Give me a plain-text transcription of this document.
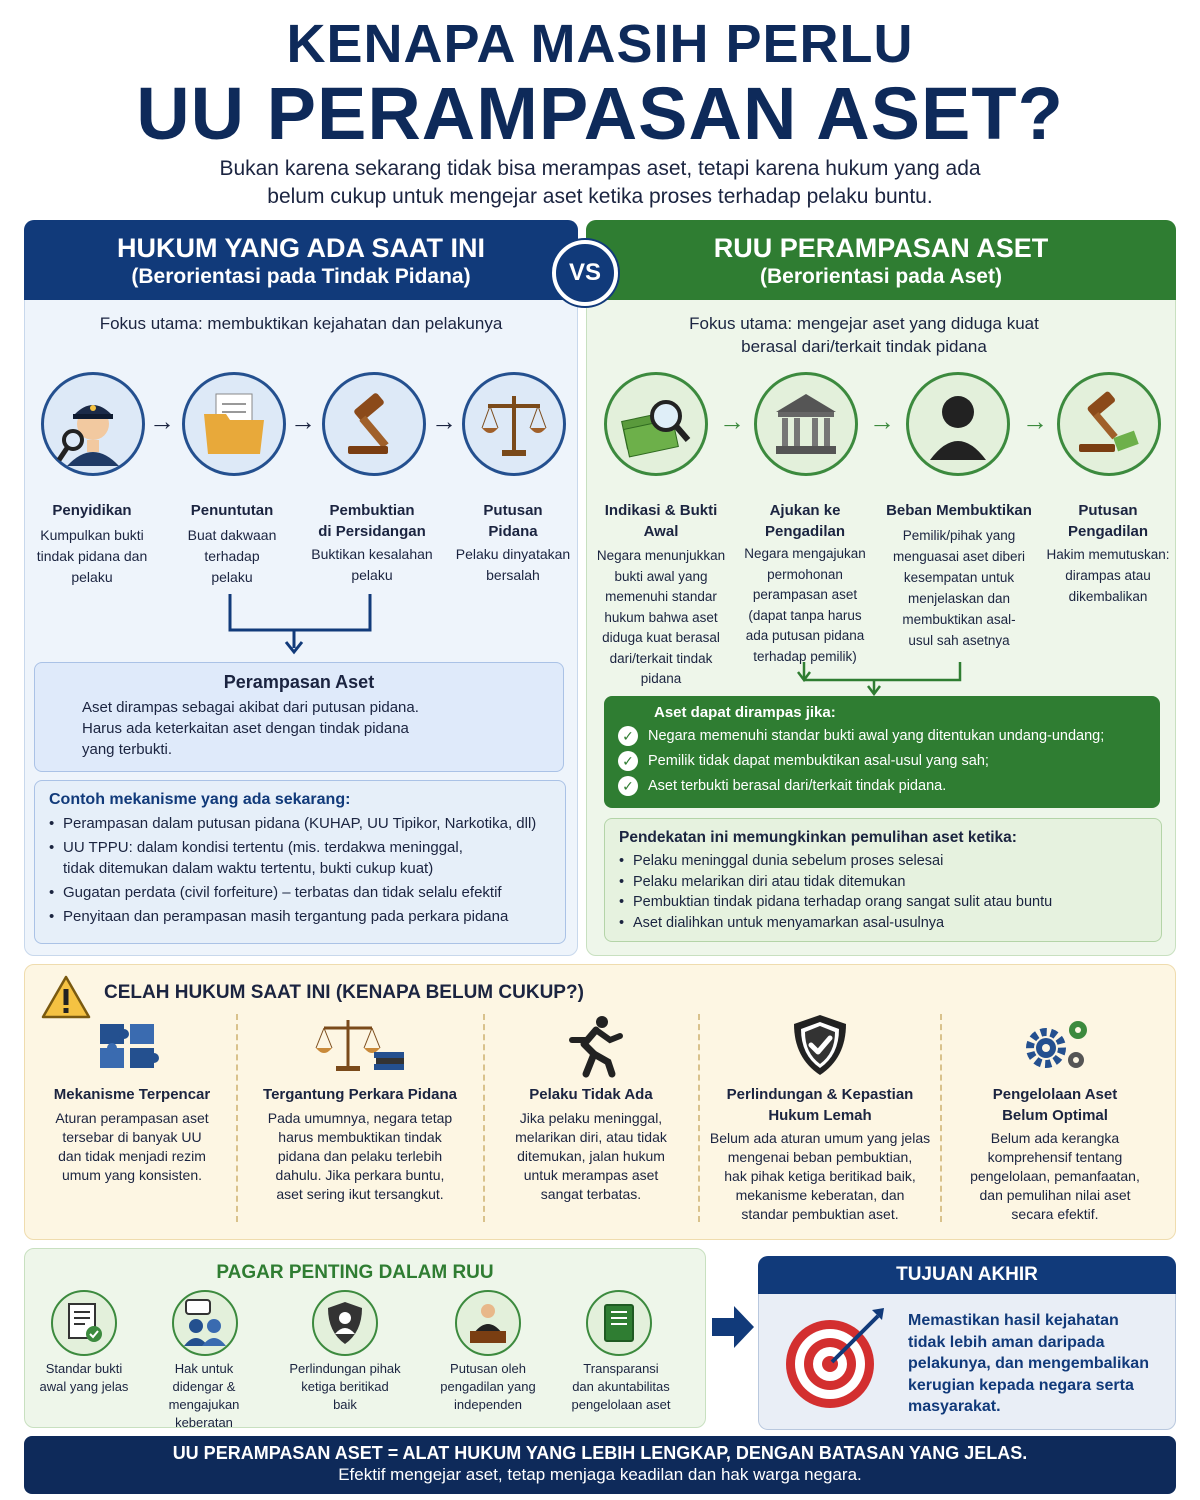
KENAPA MASIH PERLU
UU PERAMPASAN ASET?
Bukan karena sekarang tidak bisa merampas aset, tetapi karena hukum yang ada
belum cukup untuk mengejar aset ketika proses terhadap pelaku buntu.
HUKUM YANG ADA SAAT INI
(Berorientasi pada Tindak Pidana)
RUU PERAMPASAN ASET
(Berorientasi pada Aset)
VS
Fokus utama: membuktikan kejahatan dan pelakunya
→	→	→
Penyidikan
Kumpulkan bukti
tindak pidana dan
pelaku
Penuntutan
Buat dakwaan
terhadap
pelaku
Pembuktian
di Persidangan
Buktikan kesalahan
pelaku
Putusan
Pidana
Pelaku dinyatakan
bersalah
Perampasan Aset
Aset dirampas sebagai akibat dari putusan pidana.
Harus ada keterkaitan aset dengan tindak pidana
yang terbukti.
Contoh mekanisme yang ada sekarang:
• Perampasan dalam putusan pidana (KUHAP, UU Tipikor, Narkotika, dll)
• UU TPPU: dalam kondisi tertentu (mis. terdakwa meninggal,
tidak ditemukan dalam waktu tertentu, bukti cukup kuat)
• Gugatan perdata (civil forfeiture) – terbatas dan tidak selalu efektif
• Penyitaan dan perampasan masih tergantung pada perkara pidana
Fokus utama: mengejar aset yang diduga kuat
berasal dari/terkait tindak pidana
→	→	→
Indikasi & Bukti Awal
Negara menunjukkan
bukti awal yang
memenuhi standar
hukum bahwa aset
diduga kuat berasal
dari/terkait tindak
pidana
Ajukan ke
Pengadilan
Negara mengajukan
permohonan
perampasan aset
(dapat tanpa harus
ada putusan pidana
terhadap pemilik)
Beban Membuktikan
Pemilik/pihak yang
menguasai aset diberi
kesempatan untuk
menjelaskan dan
membuktikan asal-
usul sah asetnya
Putusan
Pengadilan
Hakim memutuskan:
dirampas atau
dikembalikan
Aset dapat dirampas jika:
✓ Negara memenuhi standar bukti awal yang ditentukan undang-undang;
✓ Pemilik tidak dapat membuktikan asal-usul yang sah;
✓ Aset terbukti berasal dari/terkait tindak pidana.
Pendekatan ini memungkinkan pemulihan aset ketika:
• Pelaku meninggal dunia sebelum proses selesai
• Pelaku melarikan diri atau tidak ditemukan
• Pembuktian tindak pidana terhadap orang sangat sulit atau buntu
• Aset dialihkan untuk menyamarkan asal-usulnya
CELAH HUKUM SAAT INI (KENAPA BELUM CUKUP?)
Mekanisme Terpencar
Aturan perampasan aset
tersebar di banyak UU
dan tidak menjadi rezim
umum yang konsisten.
Tergantung Perkara Pidana
Pada umumnya, negara tetap
harus membuktikan tindak
pidana dan pelaku terlebih
dahulu. Jika perkara buntu,
aset sering ikut tersangkut.
Pelaku Tidak Ada
Jika pelaku meninggal,
melarikan diri, atau tidak
ditemukan, jalan hukum
untuk merampas aset
sangat terbatas.
Perlindungan & Kepastian
Hukum Lemah
Belum ada aturan umum yang jelas
mengenai beban pembuktian,
hak pihak ketiga beritikad baik,
mekanisme keberatan, dan
standar pembuktian aset.
Pengelolaan Aset
Belum Optimal
Belum ada kerangka
komprehensif tentang
pengelolaan, pemanfaatan,
dan pemulihan nilai aset
secara efektif.
PAGAR PENTING DALAM RUU
Standar bukti
awal yang jelas
Hak untuk
didengar &
mengajukan
keberatan
Perlindungan pihak
ketiga beritikad
baik
Putusan oleh
pengadilan yang
independen
Transparansi
dan akuntabilitas
pengelolaan aset
TUJUAN AKHIR
Memastikan hasil kejahatan
tidak lebih aman daripada
pelakunya, dan mengembalikan
kerugian kepada negara serta
masyarakat.
UU PERAMPASAN ASET = ALAT HUKUM YANG LEBIH LENGKAP, DENGAN BATASAN YANG JELAS.
Efektif mengejar aset, tetap menjaga keadilan dan hak warga negara.
